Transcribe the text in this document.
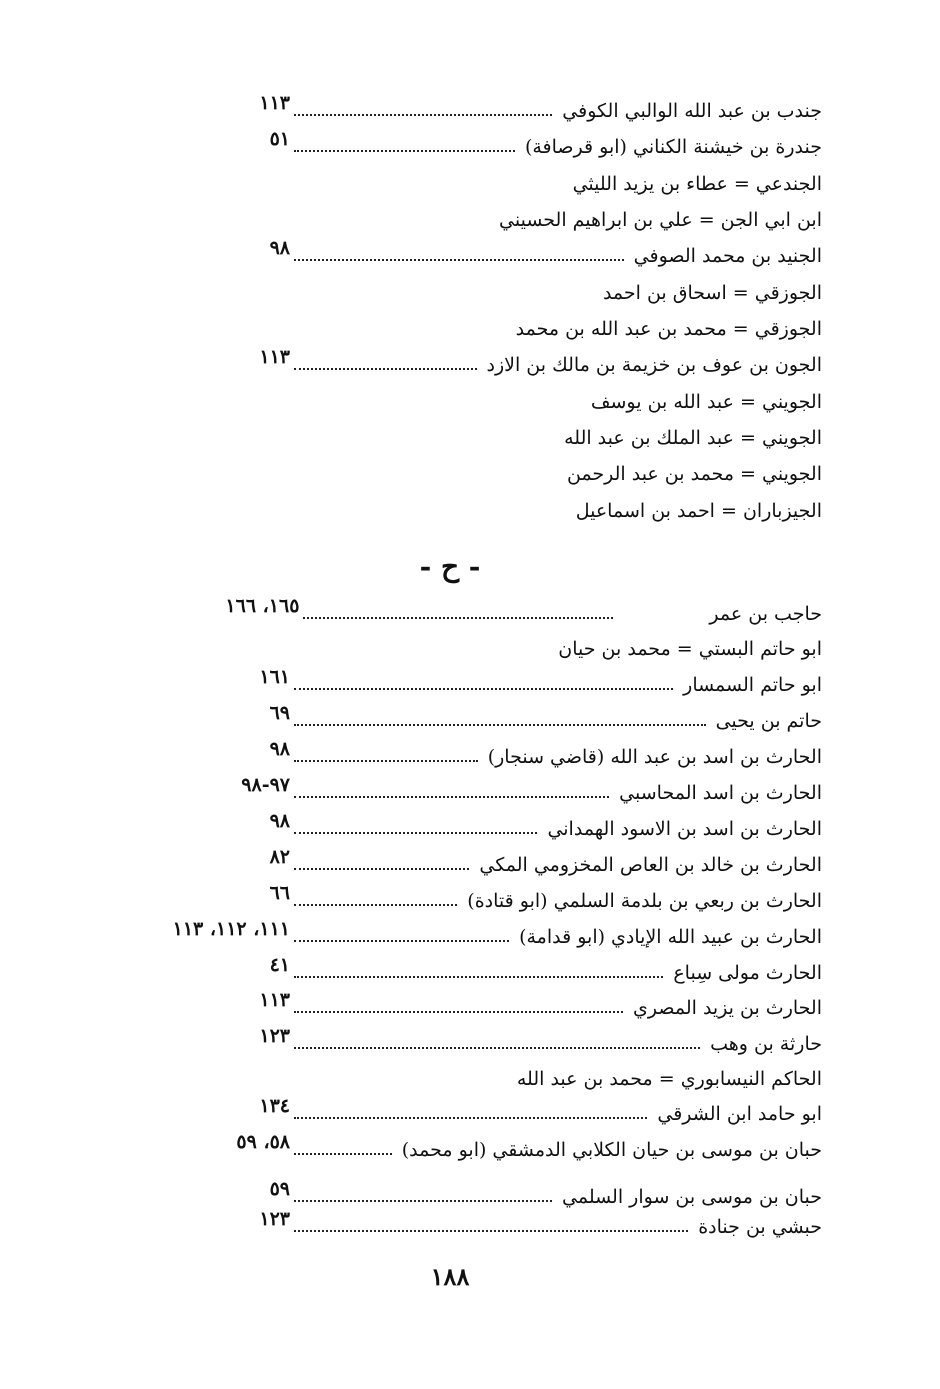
جندب بن عبد الله الوالبي الكوفي
١١٣
جندرة بن خيشنة الكناني (ابو قرصافة)
٥١
الجندعي = عطاء بن يزيد الليثي
ابن ابي الجن = علي بن ابراهيم الحسيني
الجنيد بن محمد الصوفي
٩٨
الجوزقي = اسحاق بن احمد
الجوزقي = محمد بن عبد الله بن محمد
الجون بن عوف بن خزيمة بن مالك بن الازد
١١٣
الجويني = عبد الله بن يوسف
الجويني = عبد الملك بن عبد الله
الجويني = محمد بن عبد الرحمن
الجيزباران = احمد بن اسماعيل
- ح -
حاجب بن عمر
١٦٥، ١٦٦
ابو حاتم البستي = محمد بن حيان
ابو حاتم السمسار
١٦١
حاتم بن يحيى
٦٩
الحارث بن اسد بن عبد الله (قاضي سنجار)
٩٨
الحارث بن اسد المحاسبي
٩٧-٩٨
الحارث بن اسد بن الاسود الهمداني
٩٨
الحارث بن خالد بن العاص المخزومي المكي
٨٢
الحارث بن ربعي بن بلدمة السلمي (ابو قتادة)
٦٦
الحارث بن عبيد الله الإيادي (ابو قدامة)
١١١، ١١٢، ١١٣
الحارث مولى سِباع
٤١
الحارث بن يزيد المصري
١١٣
حارثة بن وهب
١٢٣
الحاكم النيسابوري = محمد بن عبد الله
ابو حامد ابن الشرقي
١٣٤
حبان بن موسى بن حيان الكلابي الدمشقي (ابو محمد)
٥٨، ٥٩
حبان بن موسى بن سوار السلمي
٥٩
حبشي بن جنادة
١٢٣
١٨٨
